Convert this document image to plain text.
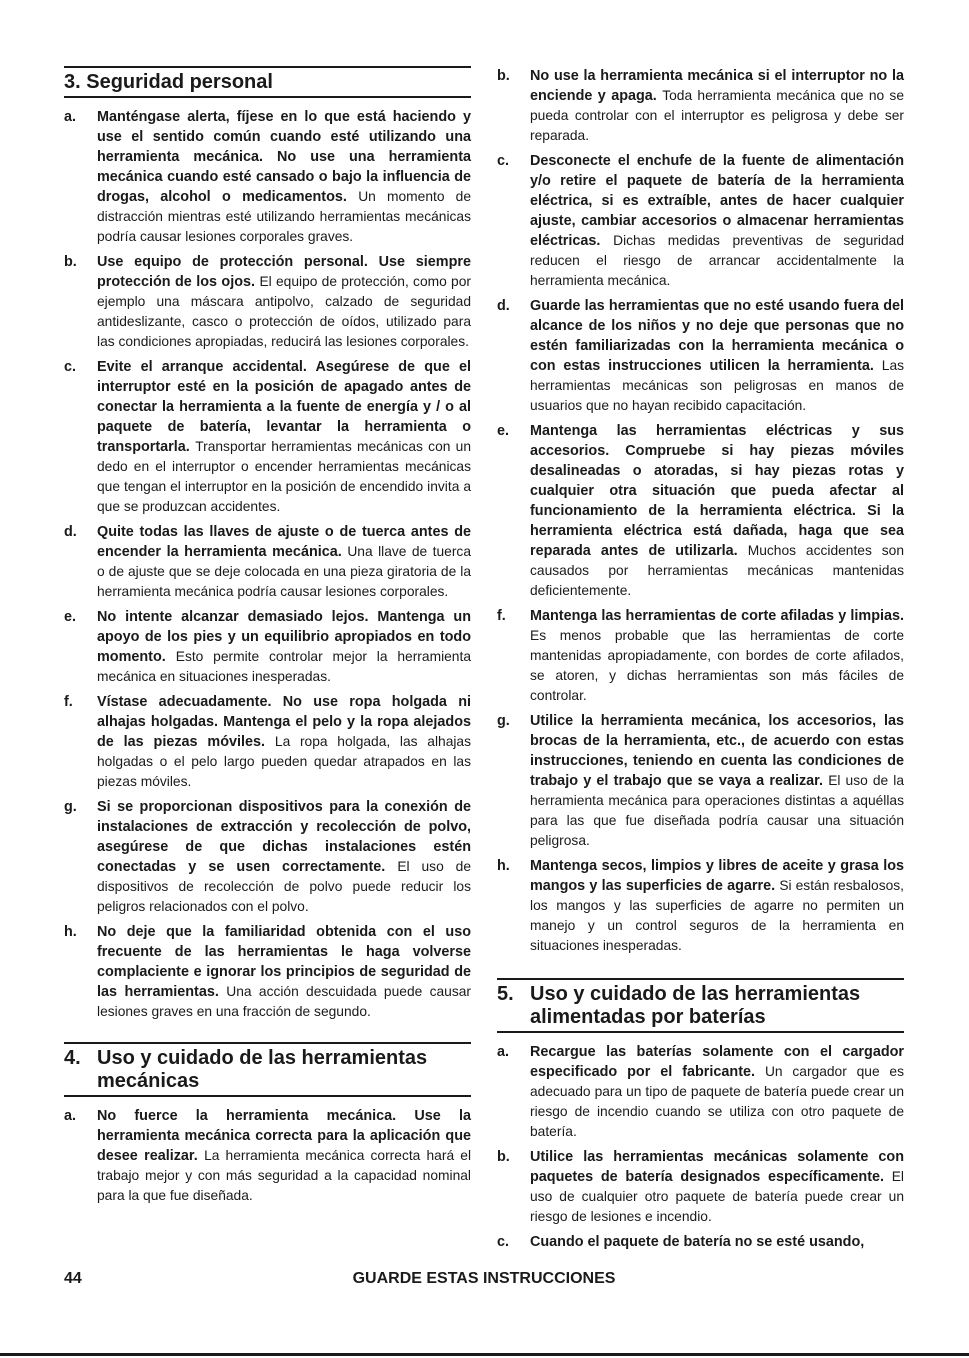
3. Seguridad personal
a.	Manténgase alerta, fíjese en lo que está haciendo y use el sentido común cuando esté utilizando una herramienta mecánica. No use una herramienta mecánica cuando esté cansado o bajo la influencia de drogas, alcohol o medicamentos. Un momento de distracción mientras esté utilizando herramientas mecánicas podría causar lesiones corporales graves.
b.	Use equipo de protección personal. Use siempre protección de los ojos. El equipo de protección, como por ejemplo una máscara antipolvo, calzado de seguridad antideslizante, casco o protección de oídos, utilizado para las condiciones apropiadas, reducirá las lesiones corporales.
c.	Evite el arranque accidental. Asegúrese de que el interruptor esté en la posición de apagado antes de conectar la herramienta a la fuente de energía y / o al paquete de batería, levantar la herramienta o transportarla. Transportar herramientas mecánicas con un dedo en el interruptor o encender herramientas mecánicas que tengan el interruptor en la posición de encendido invita a que se produzcan accidentes.
d.	Quite todas las llaves de ajuste o de tuerca antes de encender la herramienta mecánica. Una llave de tuerca o de ajuste que se deje colocada en una pieza giratoria de la herramienta mecánica podría causar lesiones corporales.
e.	No intente alcanzar demasiado lejos. Mantenga un apoyo de los pies y un equilibrio apropiados en todo momento. Esto permite controlar mejor la herramienta mecánica en situaciones inesperadas.
f.	Vístase adecuadamente. No use ropa holgada ni alhajas holgadas. Mantenga el pelo y la ropa alejados de las piezas móviles. La ropa holgada, las alhajas holgadas o el pelo largo pueden quedar atrapados en las piezas móviles.
g.	Si se proporcionan dispositivos para la conexión de instalaciones de extracción y recolección de polvo, asegúrese de que dichas instalaciones estén conectadas y se usen correctamente. El uso de dispositivos de recolección de polvo puede reducir los peligros relacionados con el polvo.
h.	No deje que la familiaridad obtenida con el uso frecuente de las herramientas le haga volverse complaciente e ignorar los principios de seguridad de las herramientas. Una acción descuidada puede causar lesiones graves en una fracción de segundo.
4. Uso y cuidado de las herramientas mecánicas
a.	No fuerce la herramienta mecánica. Use la herramienta mecánica correcta para la aplicación que desee realizar. La herramienta mecánica correcta hará el trabajo mejor y con más seguridad a la capacidad nominal para la que fue diseñada.
b.	No use la herramienta mecánica si el interruptor no la enciende y apaga. Toda herramienta mecánica que no se pueda controlar con el interruptor es peligrosa y debe ser reparada.
c.	Desconecte el enchufe de la fuente de alimentación y/o retire el paquete de batería de la herramienta eléctrica, si es extraíble, antes de hacer cualquier ajuste, cambiar accesorios o almacenar herramientas eléctricas. Dichas medidas preventivas de seguridad reducen el riesgo de arrancar accidentalmente la herramienta mecánica.
d.	Guarde las herramientas que no esté usando fuera del alcance de los niños y no deje que personas que no estén familiarizadas con la herramienta mecánica o con estas instrucciones utilicen la herramienta. Las herramientas mecánicas son peligrosas en manos de usuarios que no hayan recibido capacitación.
e.	Mantenga las herramientas eléctricas y sus accesorios. Compruebe si hay piezas móviles desalineadas o atoradas, si hay piezas rotas y cualquier otra situación que pueda afectar al funcionamiento de la herramienta eléctrica. Si la herramienta eléctrica está dañada, haga que sea reparada antes de utilizarla. Muchos accidentes son causados por herramientas mecánicas mantenidas deficientemente.
f.	Mantenga las herramientas de corte afiladas y limpias. Es menos probable que las herramientas de corte mantenidas apropiadamente, con bordes de corte afilados, se atoren, y dichas herramientas son más fáciles de controlar.
g.	Utilice la herramienta mecánica, los accesorios, las brocas de la herramienta, etc., de acuerdo con estas instrucciones, teniendo en cuenta las condiciones de trabajo y el trabajo que se vaya a realizar. El uso de la herramienta mecánica para operaciones distintas a aquéllas para las que fue diseñada podría causar una situación peligrosa.
h.	Mantenga secos, limpios y libres de aceite y grasa los mangos y las superficies de agarre. Si están resbalosos, los mangos y las superficies de agarre no permiten un manejo y un control seguros de la herramienta en situaciones inesperadas.
5. Uso y cuidado de las herramientas alimentadas por baterías
a.	Recargue las baterías solamente con el cargador especificado por el fabricante. Un cargador que es adecuado para un tipo de paquete de batería puede crear un riesgo de incendio cuando se utiliza con otro paquete de batería.
b.	Utilice las herramientas mecánicas solamente con paquetes de batería designados específicamente. El uso de cualquier otro paquete de batería puede crear un riesgo de lesiones e incendio.
c.	Cuando el paquete de batería no se esté usando,
44	GUARDE ESTAS INSTRUCCIONES
